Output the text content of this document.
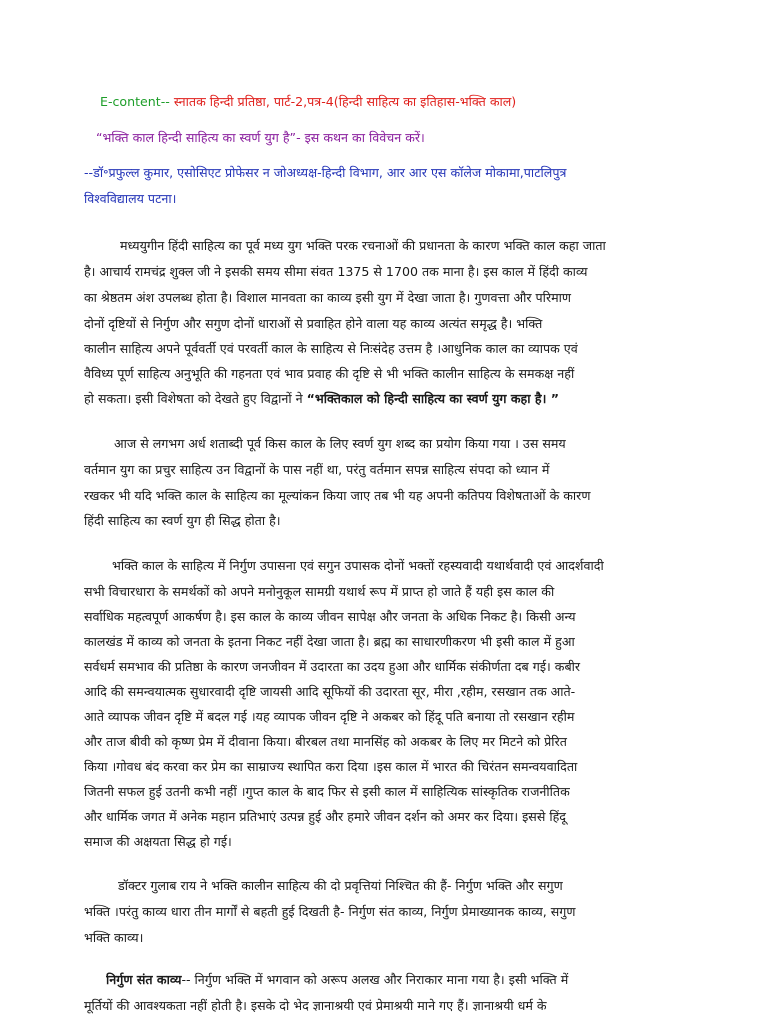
E-content-- स्नातक हिन्दी प्रतिष्ठा, पार्ट-2,पत्र-4(हिन्दी साहित्य का इतिहास-भक्ति काल)
“भक्ति काल हिन्दी साहित्य का स्वर्ण युग है”- इस कथन का विवेचन करें।
--डॉ॰प्रफुल्ल कुमार, एसोसिएट प्रोफेसर न जोअध्यक्ष-हिन्दी विभाग, आर आर एस कॉलेज मोकामा,पाटलिपुत्र
विश्वविद्यालय पटना।
मध्ययुगीन हिंदी साहित्य का पूर्व मध्य युग भक्ति परक रचनाओं की प्रधानता के कारण भक्ति काल कहा जाता
है। आचार्य रामचंद्र शुक्ल जी ने इसकी समय सीमा संवत 1375 से 1700 तक माना है। इस काल में हिंदी काव्य
का श्रेष्ठतम अंश उपलब्ध होता है। विशाल मानवता का काव्य इसी युग में देखा जाता है। गुणवत्ता और परिमाण
दोनों दृष्टियों से निर्गुण और सगुण दोनों धाराओं से प्रवाहित होने वाला यह काव्य अत्यंत समृद्ध है। भक्ति
कालीन साहित्य अपने पूर्ववर्ती एवं परवर्ती काल के साहित्य से निःसंदेह उत्तम है ।आधुनिक काल का व्यापक एवं
वैविध्य पूर्ण साहित्य अनुभूति की गहनता एवं भाव प्रवाह की दृष्टि से भी भक्ति कालीन साहित्य के समकक्ष नहीं
हो सकता। इसी विशेषता को देखते हुए विद्वानों ने “भक्तिकाल को हिन्दी साहित्य का स्वर्ण युग कहा है। ”
आज से लगभग अर्ध शताब्दी पूर्व किस काल के लिए स्वर्ण युग शब्द का प्रयोग किया गया । उस समय
वर्तमान युग का प्रचुर साहित्य उन विद्वानों के पास नहीं था, परंतु वर्तमान सपन्न साहित्य संपदा को ध्यान में
रखकर भी यदि भक्ति काल के साहित्य का मूल्यांकन किया जाए तब भी यह अपनी कतिपय विशेषताओं के कारण
हिंदी साहित्य का स्वर्ण युग ही सिद्ध होता है।
भक्ति काल के साहित्य में निर्गुण उपासना एवं सगुन उपासक दोनों भक्तों रहस्यवादी यथार्थवादी एवं आदर्शवादी
सभी विचारधारा के समर्थकों को अपने मनोनुकूल सामग्री यथार्थ रूप में प्राप्त हो जाते हैं यही इस काल की
सर्वाधिक महत्वपूर्ण आकर्षण है। इस काल के काव्य जीवन सापेक्ष और जनता के अधिक निकट है। किसी अन्य
कालखंड में काव्य को जनता के इतना निकट नहीं देखा जाता है। ब्रह्म का साधारणीकरण भी इसी काल में हुआ
सर्वधर्म समभाव की प्रतिष्ठा के कारण जनजीवन में उदारता का उदय हुआ और धार्मिक संकीर्णता दब गई। कबीर
आदि की समन्वयात्मक सुधारवादी दृष्टि जायसी आदि सूफियों की उदारता सूर, मीरा ,रहीम, रसखान तक आते-
आते व्यापक जीवन दृष्टि में बदल गई ।यह व्यापक जीवन दृष्टि ने अकबर को हिंदू पति बनाया तो रसखान रहीम
और ताज बीवी को कृष्ण प्रेम में दीवाना किया। बीरबल तथा मानसिंह को अकबर के लिए मर मिटने को प्रेरित
किया ।गोवध बंद करवा कर प्रेम का साम्राज्य स्थापित करा दिया ।इस काल में भारत की चिरंतन समन्वयवादिता
जितनी सफल हुई उतनी कभी नहीं ।गुप्त काल के बाद फिर से इसी काल में साहित्यिक सांस्कृतिक राजनीतिक
और धार्मिक जगत में अनेक महान प्रतिभाएं उत्पन्न हुई और हमारे जीवन दर्शन को अमर कर दिया। इससे हिंदू
समाज की अक्षयता सिद्ध हो गई।
डॉक्टर गुलाब राय ने भक्ति कालीन साहित्य की दो प्रवृत्तियां निश्चित की हैं- निर्गुण भक्ति और सगुण
भक्ति ।परंतु काव्य धारा तीन मार्गों से बहती हुई दिखती है- निर्गुण संत काव्य, निर्गुण प्रेमाख्यानक काव्य, सगुण
भक्ति काव्य।
निर्गुण संत काव्य-- निर्गुण भक्ति में भगवान को अरूप अलख और निराकार माना गया है। इसी भक्ति में
मूर्तियों की आवश्यकता नहीं होती है। इसके दो भेद ज्ञानाश्रयी एवं प्रेमाश्रयी माने गए हैं। ज्ञानाश्रयी धर्म के
